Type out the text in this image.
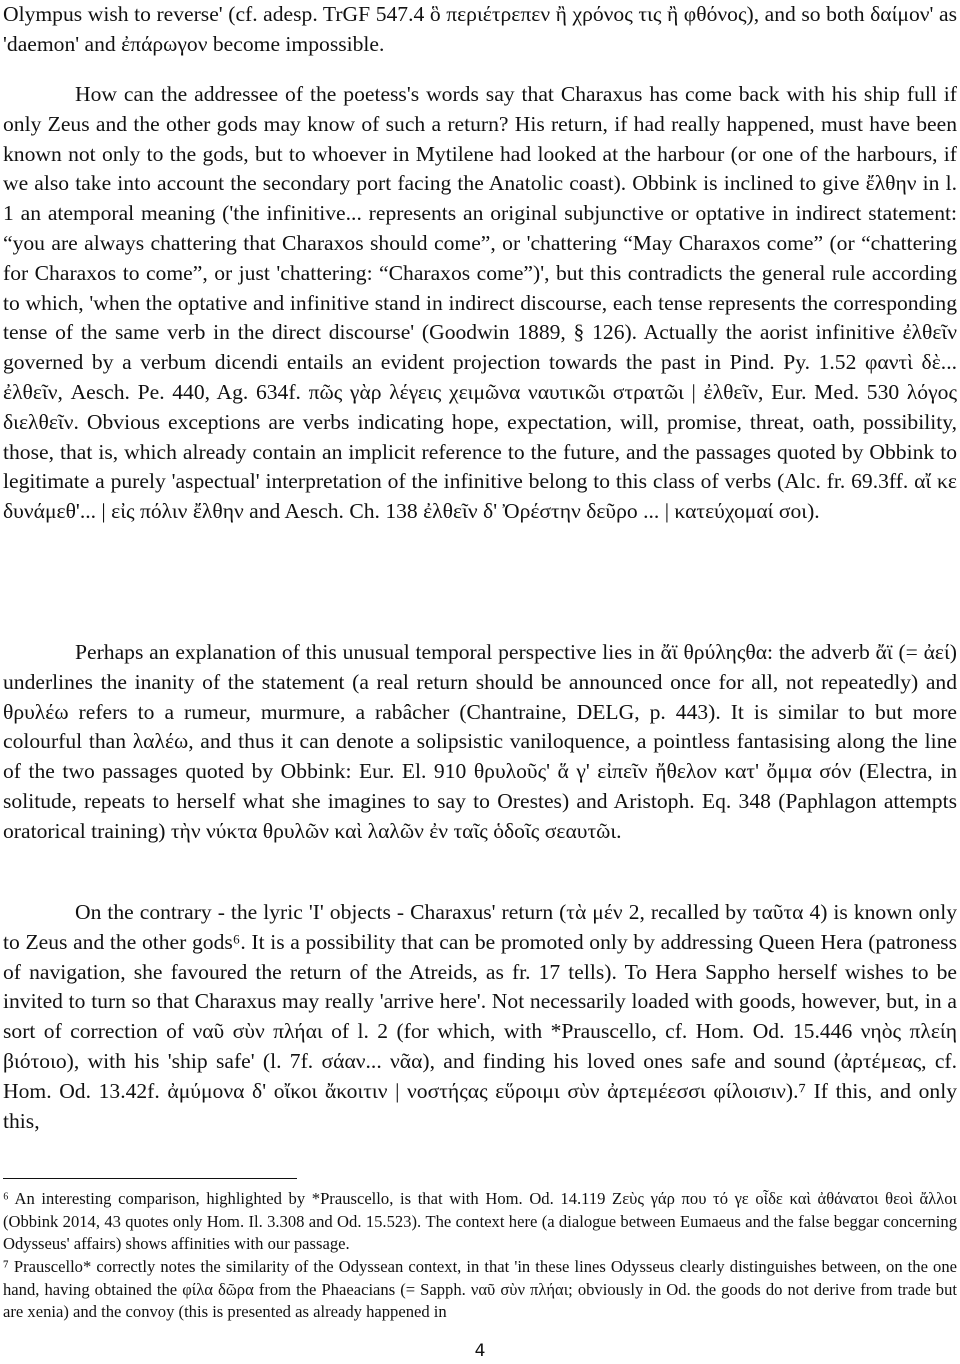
Olympus wish to reverse' (cf. adesp. TrGF 547.4 ὃ περιέτρεπεν ἢ χρόνος τις ἢ φθόνος), and so both δαίμον' as 'daemon' and ἐπάρωγον become impossible.

How can the addressee of the poetess's words say that Charaxus has come back with his ship full if only Zeus and the other gods may know of such a return? His return, if had really happened, must have been known not only to the gods, but to whoever in Mytilene had looked at the harbour (or one of the harbours, if we also take into account the secondary port facing the Anatolic coast). Obbink is inclined to give ἔλθην in l. 1 an atemporal meaning ('the infinitive... represents an original subjunctive or optative in indirect statement: “you are always chattering that Charaxos should come”, or 'chattering “May Charaxos come” (or “chattering for Charaxos to come”, or just 'chattering: “Charaxos come”)', but this contradicts the general rule according to which, 'when the optative and infinitive stand in indirect discourse, each tense represents the corresponding tense of the same verb in the direct discourse' (Goodwin 1889, § 126). Actually the aorist infinitive ἐλθεῖν governed by a verbum dicendi entails an evident projection towards the past in Pind. Py. 1.52 φαντὶ δὲ... ἐλθεῖν, Aesch. Pe. 440, Ag. 634f. πῶς γὰρ λέγεις χειμῶνα ναυτικῶι στρατῶι | ἐλθεῖν, Eur. Med. 530 λόγος διελθεῖν. Obvious exceptions are verbs indicating hope, expectation, will, promise, threat, oath, possibility, those, that is, which already contain an implicit reference to the future, and the passages quoted by Obbink to legitimate a purely 'aspectual' interpretation of the infinitive belong to this class of verbs (Alc. fr. 69.3ff. αἴ κε δυνάμεθ'... | εἰς πόλιν ἔλθην and Aesch. Ch. 138 ἐλθεῖν δ' Ὀρέστην δεῦρο ... | κατεύχομαί σοι).

Perhaps an explanation of this unusual temporal perspective lies in ἄϊ θρύληςθα: the adverb ἄϊ (= ἀεί) underlines the inanity of the statement (a real return should be announced once for all, not repeatedly) and θρυλέω refers to a rumeur, murmure, a rabâcher (Chantraine, DELG, p. 443). It is similar to but more colourful than λαλέω, and thus it can denote a solipsistic vaniloquence, a pointless fantasising along the line of the two passages quoted by Obbink: Eur. El. 910 θρυλοῦς' ἅ γ' εἰπεῖν ἤθελον κατ' ὄμμα σόν (Electra, in solitude, repeats to herself what she imagines to say to Orestes) and Aristoph. Eq. 348 (Paphlagon attempts oratorical training) τὴν νύκτα θρυλῶν καὶ λαλῶν ἐν ταῖς ὁδοῖς σεαυτῶι.

On the contrary - the lyric 'I' objects - Charaxus' return (τὰ μέν 2, recalled by ταῦτα 4) is known only to Zeus and the other gods⁶. It is a possibility that can be promoted only by addressing Queen Hera (patroness of navigation, she favoured the return of the Atreids, as fr. 17 tells). To Hera Sappho herself wishes to be invited to turn so that Charaxus may really 'arrive here'. Not necessarily loaded with goods, however, but, in a sort of correction of ναῦ σὺν πλήαι of l. 2 (for which, with *Prauscello, cf. Hom. Od. 15.446 νηὸς πλείη βιότοιο), with his 'ship safe' (l. 7f. σάαν... νᾶα), and finding his loved ones safe and sound (ἀρτέμεας, cf. Hom. Od. 13.42f. ἀμύμονα δ' οἴκοι ἄκοιτιν | νοστήςας εὕροιμι σὺν ἀρτεμέεσσι φίλοισιν).⁷ If this, and only this,

⁶ An interesting comparison, highlighted by *Prauscello, is that with Hom. Od. 14.119 Ζεὺς γάρ που τό γε οἶδε καὶ ἀθάνατοι θεοὶ ἄλλοι (Obbink 2014, 43 quotes only Hom. Il. 3.308 and Od. 15.523). The context here (a dialogue between Eumaeus and the false beggar concerning Odysseus' affairs) shows affinities with our passage.

⁷ Prauscello* correctly notes the similarity of the Odyssean context, in that 'in these lines Odysseus clearly distinguishes between, on the one hand, having obtained the φίλα δῶρα from the Phaeacians (= Sapph. ναῦ σὺν πλήαι; obviously in Od. the goods do not derive from trade but are xenia) and the convoy (this is presented as already happened in

4
